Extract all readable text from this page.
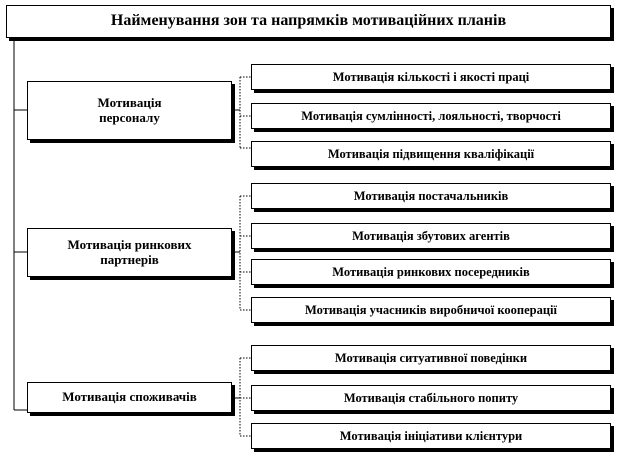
Найменування зон та напрямків мотиваційних планів
Мотивація
персоналу
Мотивація ринкових
партнерів
Мотивація споживачів
Мотивація кількості і якості праці
Мотивація сумлінності, лояльності, творчості
Мотивація підвищення кваліфікації
Мотивація постачальників
Мотивація збутових агентів
Мотивація ринкових посередників
Мотивація учасників виробничої кооперації
Мотивація ситуативної поведінки
Мотивація стабільного попиту
Мотивація ініціативи клієнтури
